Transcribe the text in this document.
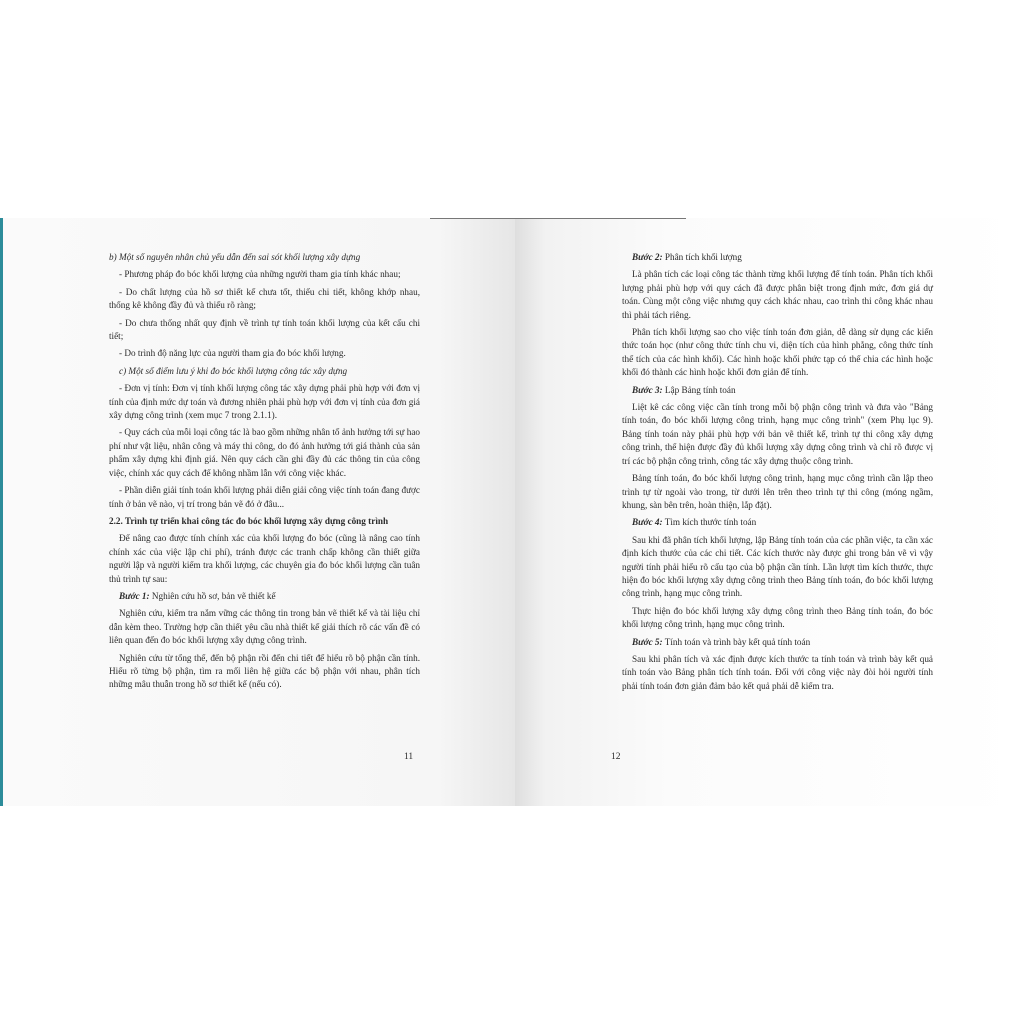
b) Một số nguyên nhân chủ yếu dẫn đến sai sót khối lượng xây dựng

- Phương pháp đo bóc khối lượng của những người tham gia tính khác nhau;

- Do chất lượng của hồ sơ thiết kế chưa tốt, thiếu chi tiết, không khớp nhau, thống kê không đầy đủ và thiếu rõ ràng;

- Do chưa thống nhất quy định về trình tự tính toán khối lượng của kết cấu chi tiết;

- Do trình độ năng lực của người tham gia đo bóc khối lượng.

c) Một số điểm lưu ý khi đo bóc khối lượng công tác xây dựng

- Đơn vị tính: Đơn vị tính khối lượng công tác xây dựng phải phù hợp với đơn vị tính của định mức dự toán và đương nhiên phải phù hợp với đơn vị tính của đơn giá xây dựng công trình (xem mục 7 trong 2.1.1).

- Quy cách của mỗi loại công tác là bao gồm những nhân tố ảnh hưởng tới sự hao phí như vật liệu, nhân công và máy thi công, do đó ảnh hưởng tới giá thành của sản phẩm xây dựng khi định giá. Nên quy cách cần ghi đầy đủ các thông tin của công việc, chính xác quy cách để không nhầm lẫn với công việc khác.

- Phần diễn giải tính toán khối lượng phải diễn giải công việc tính toán đang được tính ở bản vẽ nào, vị trí trong bản vẽ đó ở đâu...

2.2. Trình tự triển khai công tác đo bóc khối lượng xây dựng công trình

Để nâng cao được tính chính xác của khối lượng đo bóc (cũng là nâng cao tính chính xác của việc lập chi phí), tránh được các tranh chấp không cần thiết giữa người lập và người kiểm tra khối lượng, các chuyên gia đo bóc khối lượng cần tuân thủ trình tự sau:

Bước 1: Nghiên cứu hồ sơ, bản vẽ thiết kế

Nghiên cứu, kiểm tra nắm vững các thông tin trong bản vẽ thiết kế và tài liệu chỉ dẫn kèm theo. Trường hợp cần thiết yêu cầu nhà thiết kế giải thích rõ các vấn đề có liên quan đến đo bóc khối lượng xây dựng công trình.

Nghiên cứu từ tổng thể, đến bộ phận rồi đến chi tiết để hiểu rõ bộ phận cần tính. Hiểu rõ từng bộ phận, tìm ra mối liên hệ giữa các bộ phận với nhau, phân tích những mâu thuẫn trong hồ sơ thiết kế (nếu có).

11

Bước 2: Phân tích khối lượng

Là phân tích các loại công tác thành từng khối lượng để tính toán. Phân tích khối lượng phải phù hợp với quy cách đã được phân biệt trong định mức, đơn giá dự toán. Cùng một công việc nhưng quy cách khác nhau, cao trình thi công khác nhau thì phải tách riêng.

Phân tích khối lượng sao cho việc tính toán đơn giản, dễ dàng sử dụng các kiến thức toán học (như công thức tính chu vi, diện tích của hình phẳng, công thức tính thể tích của các hình khối). Các hình hoặc khối phức tạp có thể chia các hình hoặc khối đó thành các hình hoặc khối đơn giản để tính.

Bước 3: Lập Bảng tính toán

Liệt kê các công việc cần tính trong mỗi bộ phận công trình và đưa vào "Bảng tính toán, đo bóc khối lượng công trình, hạng mục công trình" (xem Phụ lục 9). Bảng tính toán này phải phù hợp với bản vẽ thiết kế, trình tự thi công xây dựng công trình, thể hiện được đầy đủ khối lượng xây dựng công trình và chỉ rõ được vị trí các bộ phận công trình, công tác xây dựng thuộc công trình.

Bảng tính toán, đo bóc khối lượng công trình, hạng mục công trình cần lập theo trình tự từ ngoài vào trong, từ dưới lên trên theo trình tự thi công (móng ngầm, khung, sàn bên trên, hoàn thiện, lắp đặt).

Bước 4: Tìm kích thước tính toán

Sau khi đã phân tích khối lượng, lập Bảng tính toán của các phần việc, ta cần xác định kích thước của các chi tiết. Các kích thước này được ghi trong bản vẽ vì vậy người tính phải hiểu rõ cấu tạo của bộ phận cần tính. Lần lượt tìm kích thước, thực hiện đo bóc khối lượng xây dựng công trình theo Bảng tính toán, đo bóc khối lượng công trình, hạng mục công trình.

Thực hiện đo bóc khối lượng xây dựng công trình theo Bảng tính toán, đo bóc khối lượng công trình, hạng mục công trình.

Bước 5: Tính toán và trình bày kết quả tính toán

Sau khi phân tích và xác định được kích thước ta tính toán và trình bày kết quả tính toán vào Bảng phân tích tính toán. Đối với công việc này đòi hỏi người tính phải tính toán đơn giản đảm bảo kết quả phải dễ kiểm tra.

12
